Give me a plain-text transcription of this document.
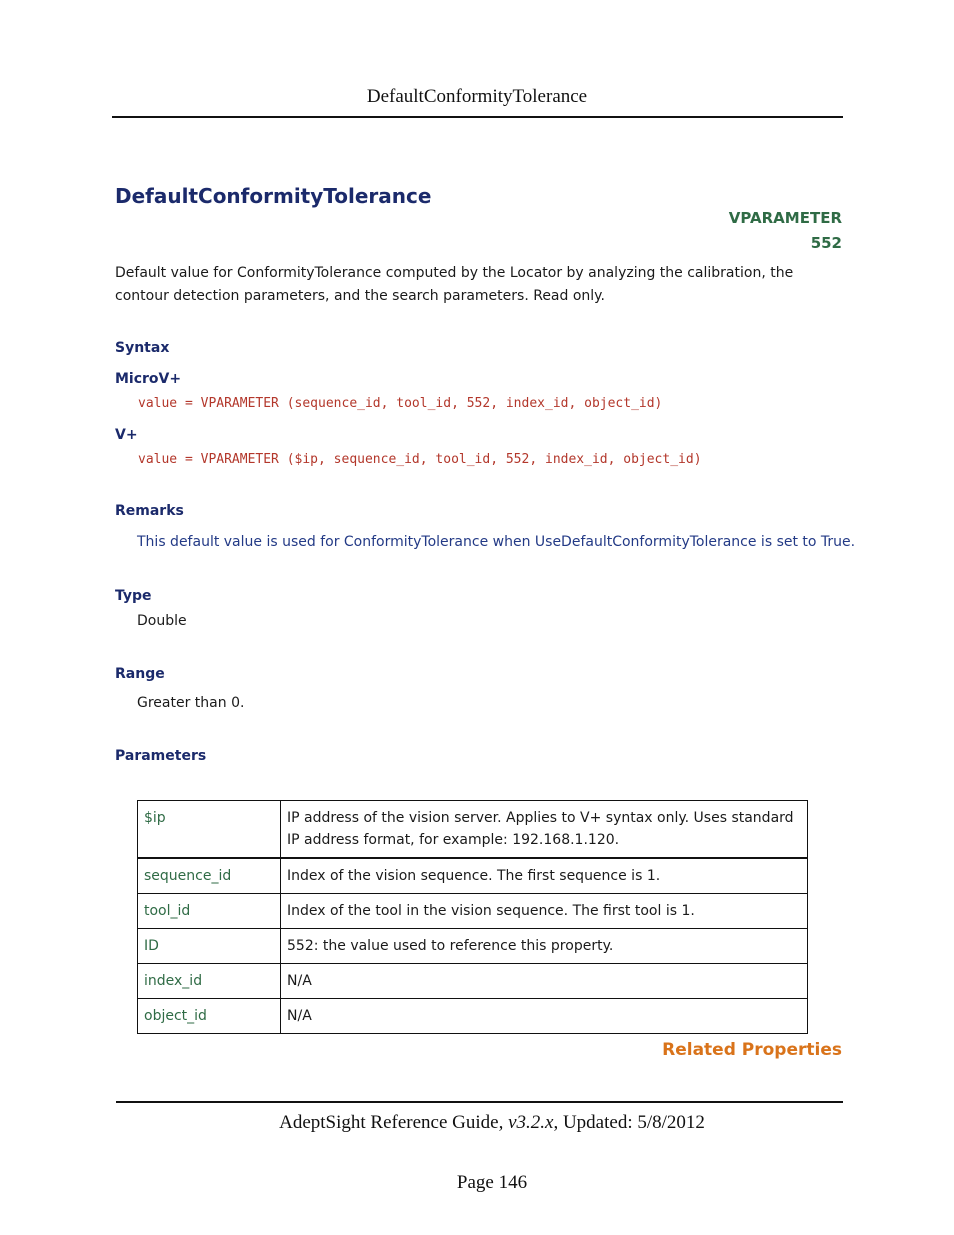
DefaultConformityTolerance
DefaultConformityTolerance
VPARAMETER
552
Default value for ConformityTolerance computed by the Locator by analyzing the calibration, the contour detection parameters, and the search parameters. Read only.
Syntax
MicroV+
value = VPARAMETER (sequence_id, tool_id, 552, index_id, object_id)
V+
value = VPARAMETER ($ip, sequence_id, tool_id, 552, index_id, object_id)
Remarks
This default value is used for ConformityTolerance when UseDefaultConformityTolerance is set to True.
Type
Double
Range
Greater than 0.
Parameters
$ip	IP address of the vision server. Applies to V+ syntax only. Uses standard IP address format, for example: 192.168.1.120.
sequence_id	Index of the vision sequence. The first sequence is 1.
tool_id	Index of the tool in the vision sequence. The first tool is 1.
ID	552: the value used to reference this property.
index_id	N/A
object_id	N/A
Related Properties
AdeptSight Reference Guide, v3.2.x, Updated: 5/8/2012
Page 146
